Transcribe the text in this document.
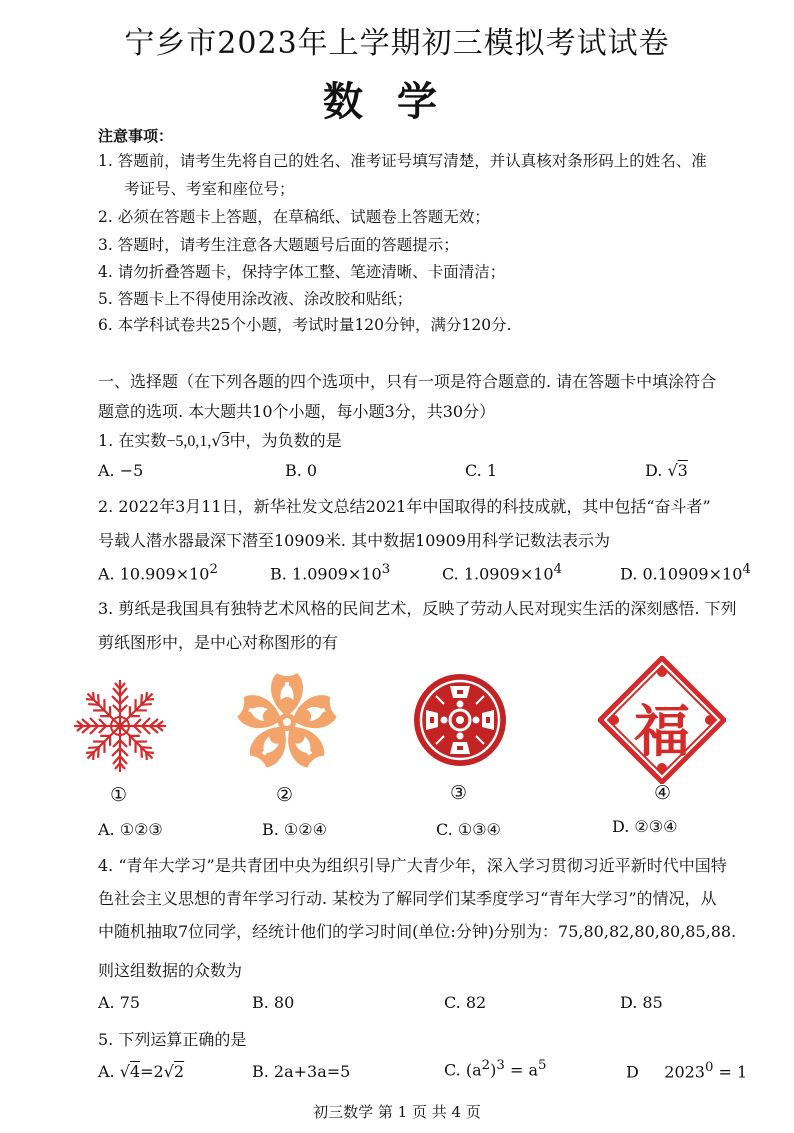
宁乡市2023年上学期初三模拟考试试卷
数学
注意事项：
1. 答题前，请考生先将自己的姓名、准考证号填写清楚，并认真核对条形码上的姓名、准
考证号、考室和座位号；
2. 必须在答题卡上答题，在草稿纸、试题卷上答题无效；
3. 答题时，请考生注意各大题题号后面的答题提示；
4. 请勿折叠答题卡，保持字体工整、笔迹清晰、卡面清洁；
5. 答题卡上不得使用涂改液、涂改胶和贴纸；
6. 本学科试卷共25个小题，考试时量120分钟，满分120分.
一、选择题（在下列各题的四个选项中，只有一项是符合题意的. 请在答题卡中填涂符合
题意的选项. 本大题共10个小题，每小题3分，共30分）
1. 在实数−5,0,1,√3中，为负数的是
A. −5	B. 0	C. 1	D. √3
2. 2022年3月11日，新华社发文总结2021年中国取得的科技成就，其中包括“奋斗者”
号载人潜水器最深下潜至10909米. 其中数据10909用科学记数法表示为
A. $10.909\times 10^2$	B. $1.0909\times 10^3$	C. $1.0909\times 10^4$	D. $0.10909\times 10^4$
3. 剪纸是我国具有独特艺术风格的民间艺术，反映了劳动人民对现实生活的深刻感悟. 下列
剪纸图形中，是中心对称图形的有
福
①	②	③	④
A. ①②③	B. ①②④	C. ①③④	D. ②③④
4. “青年大学习”是共青团中央为组织引导广大青少年，深入学习贯彻习近平新时代中国特
色社会主义思想的青年学习行动. 某校为了解同学们某季度学习“青年大学习”的情况，从
中随机抽取7位同学，经统计他们的学习时间(单位:分钟)分别为：75,80,82,80,80,85,88.
则这组数据的众数为
A. 75	B. 80	C. 82	D. 85
5. 下列运算正确的是
A. √4=2√2	B. 2a+3a=5	C. $(a^2)^3 = a^5$	D $2023^0 = 1$
初三数学 第 1 页 共 4 页
